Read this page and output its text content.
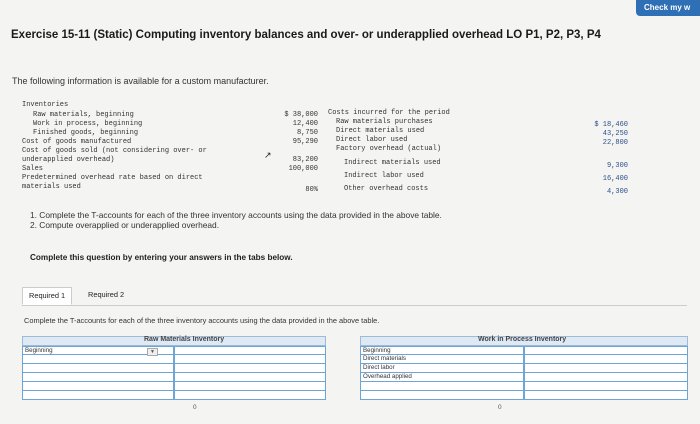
Check my w
Exercise 15-11 (Static) Computing inventory balances and over- or underapplied overhead LO P1, P2, P3, P4
The following information is available for a custom manufacturer.
Inventories
Raw materials, beginning	$ 38,000
Work in process, beginning	12,400
Finished goods, beginning	8,750
Cost of goods manufactured	95,290
Cost of goods sold (not considering over- or
underapplied overhead)	83,200
Sales	100,000
Predetermined overhead rate based on direct
materials used	80%
Costs incurred for the period
Raw materials purchases	$ 18,460
Direct materials used	43,250
Direct labor used	22,800
Factory overhead (actual)
Indirect materials used	9,300
Indirect labor used	16,400
Other overhead costs	4,300
↗
1. Complete the T-accounts for each of the three inventory accounts using the data provided in the above table.
2. Compute overapplied or underapplied overhead.
Complete this question by entering your answers in the tabs below.
Required 1	Required 2
Complete the T-accounts for each of the three inventory accounts using the data provided in the above table.
Raw Materials Inventory
Beginning
0
▼
Work in Process Inventory
Beginning
Direct materials
Direct labor
Overhead applied
0
